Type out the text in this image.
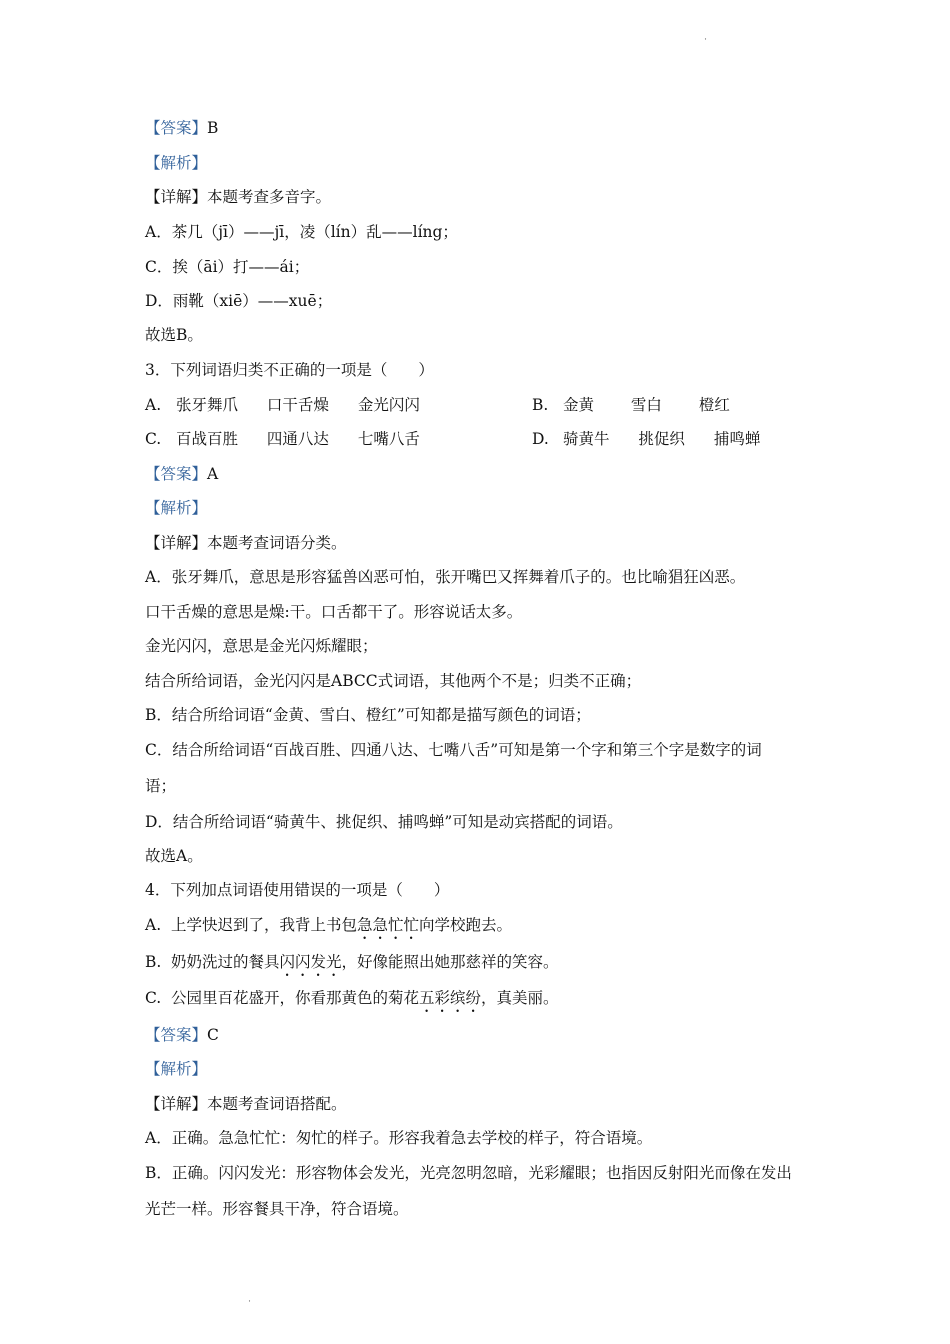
˙
【答案】B
【解析】
【详解】本题考查多音字。
A．茶几（jī）——jī，凌（lín）乱——líng；
C．挨（āi）打——ái；
D．雨靴（xiē）——xuē；
故选B。
3．下列词语归类不正确的一项是（　　）
A. 张牙舞爪 口干舌燥 金光闪闪	B. 金黄 雪白 橙红
C. 百战百胜 四通八达 七嘴八舌	D. 骑黄牛 挑促织 捕鸣蝉
【答案】A
【解析】
【详解】本题考查词语分类。
A．张牙舞爪，意思是形容猛兽凶恶可怕，张开嘴巴又挥舞着爪子的。也比喻猖狂凶恶。
口干舌燥的意思是燥:干。口舌都干了。形容说话太多。
金光闪闪，意思是金光闪烁耀眼；
结合所给词语，金光闪闪是ABCC式词语，其他两个不是；归类不正确；
B．结合所给词语“金黄、雪白、橙红”可知都是描写颜色的词语；
C．结合所给词语“百战百胜、四通八达、七嘴八舌”可知是第一个字和第三个字是数字的词
语；
D．结合所给词语“骑黄牛、挑促织、捕鸣蝉”可知是动宾搭配的词语。
故选A。
4．下列加点词语使用错误的一项是（　　）
A. 上学快迟到了，我背上书包急急忙忙向学校跑去。
B. 奶奶洗过的餐具闪闪发光，好像能照出她那慈祥的笑容。
C. 公园里百花盛开，你看那黄色的菊花五彩缤纷，真美丽。
【答案】C
【解析】
【详解】本题考查词语搭配。
A．正确。急急忙忙：匆忙的样子。形容我着急去学校的样子，符合语境。
B．正确。闪闪发光：形容物体会发光，光亮忽明忽暗，光彩耀眼；也指因反射阳光而像在发出
光芒一样。形容餐具干净，符合语境。
˙
